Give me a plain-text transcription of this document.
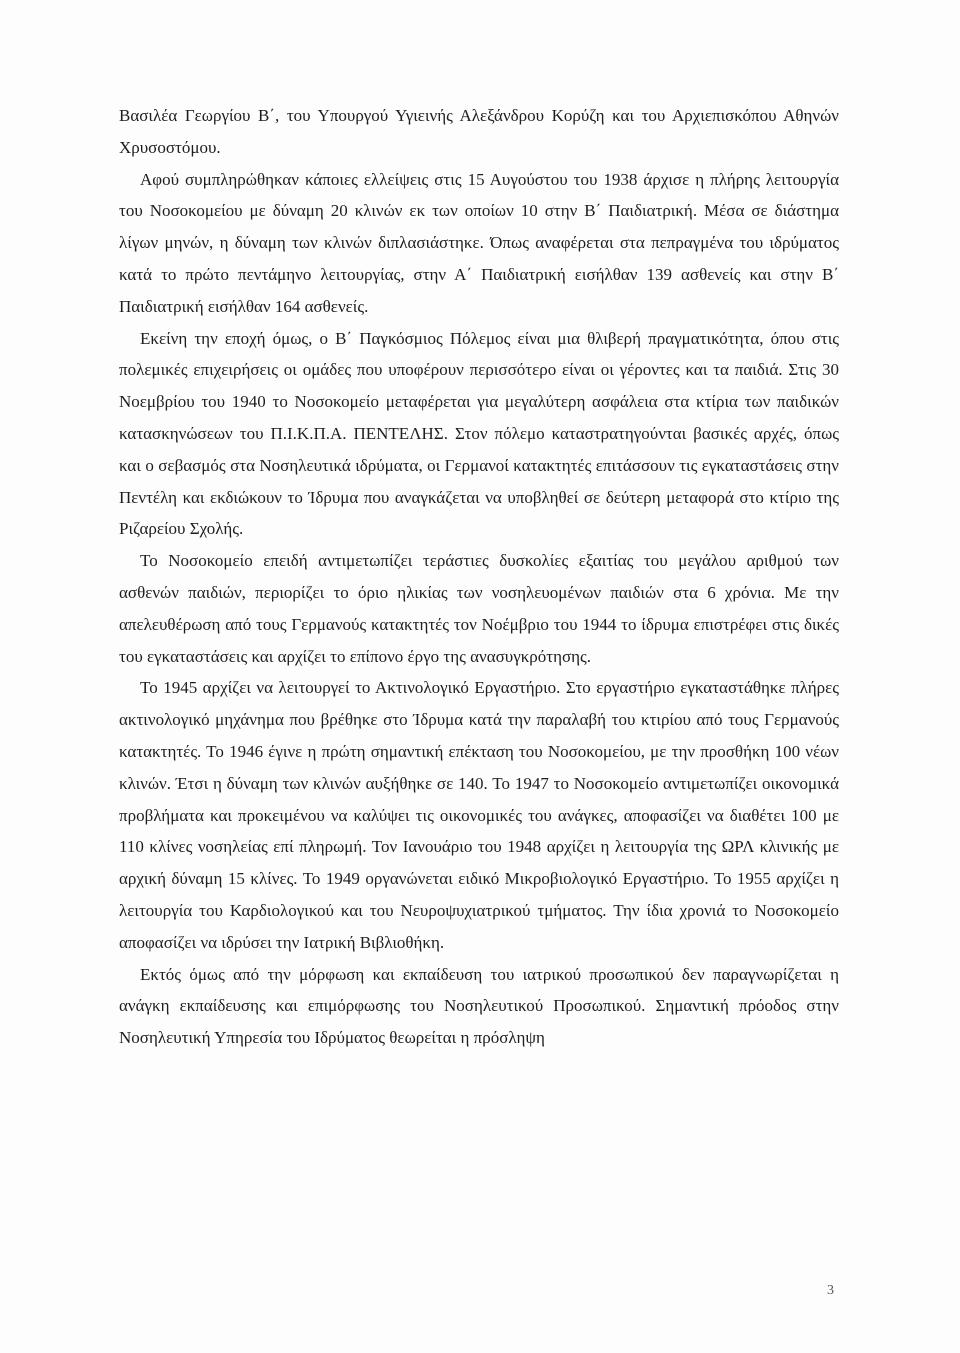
Βασιλέα Γεωργίου Β΄, του Υπουργού Υγιεινής Αλεξάνδρου Κορύζη και του Αρχιεπισκόπου Αθηνών Χρυσοστόμου.

Αφού συμπληρώθηκαν κάποιες ελλείψεις στις 15 Αυγούστου του 1938 άρχισε η πλήρης λειτουργία του Νοσοκομείου με δύναμη 20 κλινών εκ των οποίων 10 στην Β΄ Παιδιατρική. Μέσα σε διάστημα λίγων μηνών, η δύναμη των κλινών διπλασιάστηκε. Όπως αναφέρεται στα πεπραγμένα του ιδρύματος κατά το πρώτο πεντάμηνο λειτουργίας, στην Α΄ Παιδιατρική εισήλθαν 139 ασθενείς και στην Β΄ Παιδιατρική εισήλθαν 164 ασθενείς.

Εκείνη την εποχή όμως, ο Β΄ Παγκόσμιος Πόλεμος είναι μια θλιβερή πραγματικότητα, όπου στις πολεμικές επιχειρήσεις οι ομάδες που υποφέρουν περισσότερο είναι οι γέροντες και τα παιδιά. Στις 30 Νοεμβρίου του 1940 το Νοσοκομείο μεταφέρεται για μεγαλύτερη ασφάλεια στα κτίρια των παιδικών κατασκηνώσεων του Π.Ι.Κ.Π.Α. ΠΕΝΤΕΛΗΣ. Στον πόλεμο καταστρατηγούνται βασικές αρχές, όπως και ο σεβασμός στα Νοσηλευτικά ιδρύματα, οι Γερμανοί κατακτητές επιτάσσουν τις εγκαταστάσεις στην Πεντέλη και εκδιώκουν το Ίδρυμα που αναγκάζεται να υποβληθεί σε δεύτερη μεταφορά στο κτίριο της Ριζαρείου Σχολής.

Το Νοσοκομείο επειδή αντιμετωπίζει τεράστιες δυσκολίες εξαιτίας του μεγάλου αριθμού των ασθενών παιδιών, περιορίζει το όριο ηλικίας των νοσηλευομένων παιδιών στα 6 χρόνια. Με την απελευθέρωση από τους Γερμανούς κατακτητές τον Νοέμβριο του 1944 το ίδρυμα επιστρέφει στις δικές του εγκαταστάσεις και αρχίζει το επίπονο έργο της ανασυγκρότησης.

Το 1945 αρχίζει να λειτουργεί το Ακτινολογικό Εργαστήριο. Στο εργαστήριο εγκαταστάθηκε πλήρες ακτινολογικό μηχάνημα που βρέθηκε στο Ίδρυμα κατά την παραλαβή του κτιρίου από τους Γερμανούς κατακτητές. Το 1946 έγινε η πρώτη σημαντική επέκταση του Νοσοκομείου, με την προσθήκη 100 νέων κλινών. Έτσι η δύναμη των κλινών αυξήθηκε σε 140. Το 1947 το Νοσοκομείο αντιμετωπίζει οικονομικά προβλήματα και προκειμένου να καλύψει τις οικονομικές του ανάγκες, αποφασίζει να διαθέτει 100 με 110 κλίνες νοσηλείας επί πληρωμή. Τον Ιανουάριο του 1948 αρχίζει η λειτουργία της ΩΡΛ κλινικής με αρχική δύναμη 15 κλίνες. Το 1949 οργανώνεται ειδικό Μικροβιολογικό Εργαστήριο. Το 1955 αρχίζει η λειτουργία του Καρδιολογικού και του Νευροψυχιατρικού τμήματος. Την ίδια χρονιά το Νοσοκομείο αποφασίζει να ιδρύσει την Ιατρική Βιβλιοθήκη.

Εκτός όμως από την μόρφωση και εκπαίδευση του ιατρικού προσωπικού δεν παραγνωρίζεται η ανάγκη εκπαίδευσης και επιμόρφωσης του Νοσηλευτικού Προσωπικού. Σημαντική πρόοδος στην Νοσηλευτική Υπηρεσία του Ιδρύματος θεωρείται η πρόσληψη

3
